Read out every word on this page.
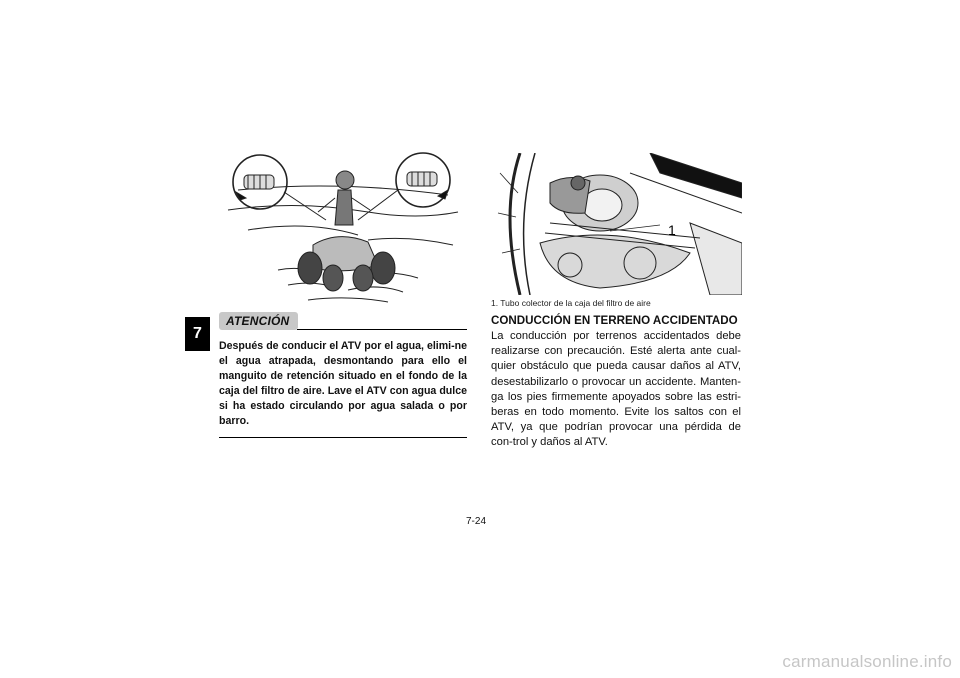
7
1
1. Tubo colector de la caja del filtro de aire
ATENCIÓN
Después de conducir el ATV por el agua, elimi-ne el agua atrapada, desmontando para ello el manguito de retención situado en el fondo de la caja del filtro de aire. Lave el ATV con agua dulce si ha estado circulando por agua salada o por barro.
CONDUCCIÓN EN TERRENO ACCIDENTADO

La conducción por terrenos accidentados debe realizarse con precaución. Esté alerta ante cual-quier obstáculo que pueda causar daños al ATV, desestabilizarlo o provocar un accidente. Manten-ga los pies firmemente apoyados sobre las estri-beras en todo momento. Evite los saltos con el ATV, ya que podrían provocar una pérdida de con-trol y daños al ATV.

7-24
carmanualsonline.info
